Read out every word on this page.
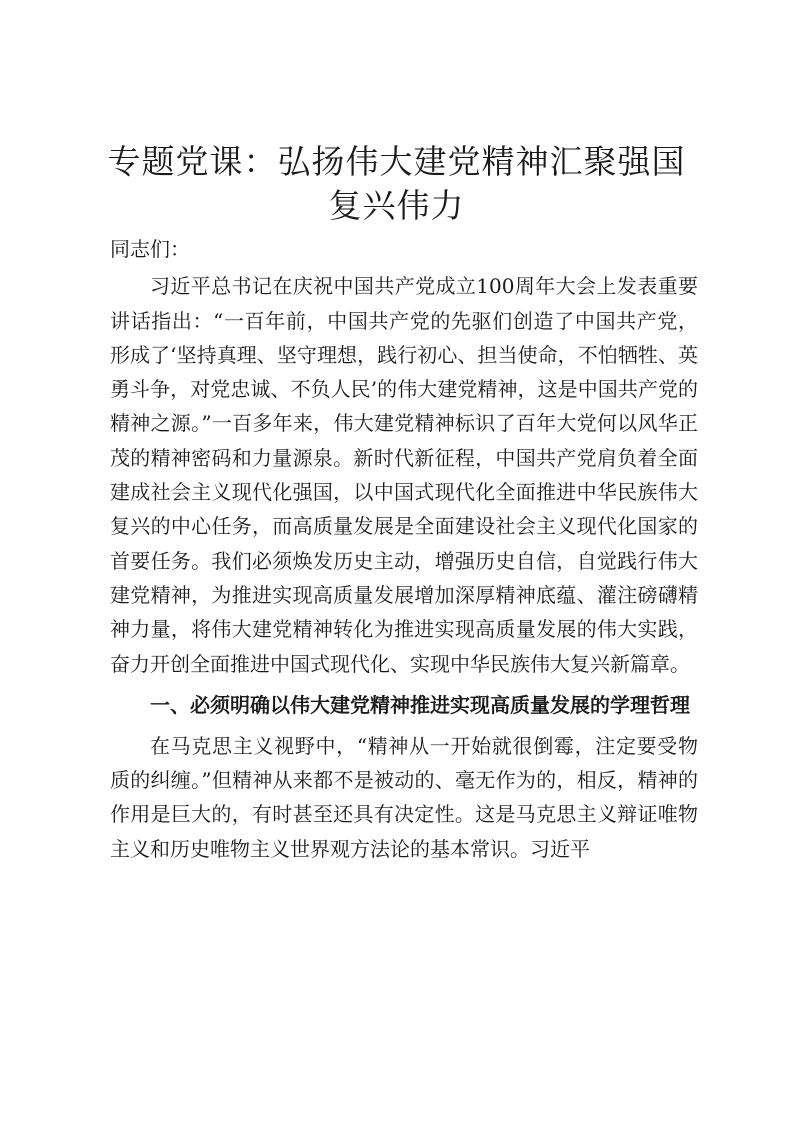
专题党课：弘扬伟大建党精神汇聚强国复兴伟力

同志们：

习近平总书记在庆祝中国共产党成立100周年大会上发表重要讲话指出：“一百年前，中国共产党的先驱们创造了中国共产党，形成了‘坚持真理、坚守理想，践行初心、担当使命，不怕牺牲、英勇斗争，对党忠诚、不负人民’的伟大建党精神，这是中国共产党的精神之源。”一百多年来，伟大建党精神标识了百年大党何以风华正茂的精神密码和力量源泉。新时代新征程，中国共产党肩负着全面建成社会主义现代化强国，以中国式现代化全面推进中华民族伟大复兴的中心任务，而高质量发展是全面建设社会主义现代化国家的首要任务。我们必须焕发历史主动，增强历史自信，自觉践行伟大建党精神，为推进实现高质量发展增加深厚精神底蕴、灌注磅礴精神力量，将伟大建党精神转化为推进实现高质量发展的伟大实践，奋力开创全面推进中国式现代化、实现中华民族伟大复兴新篇章。

一、必须明确以伟大建党精神推进实现高质量发展的学理哲理

在马克思主义视野中，“精神从一开始就很倒霉，注定要受物质的纠缠。”但精神从来都不是被动的、毫无作为的，相反，精神的作用是巨大的，有时甚至还具有决定性。这是马克思主义辩证唯物主义和历史唯物主义世界观方法论的基本常识。习近平
